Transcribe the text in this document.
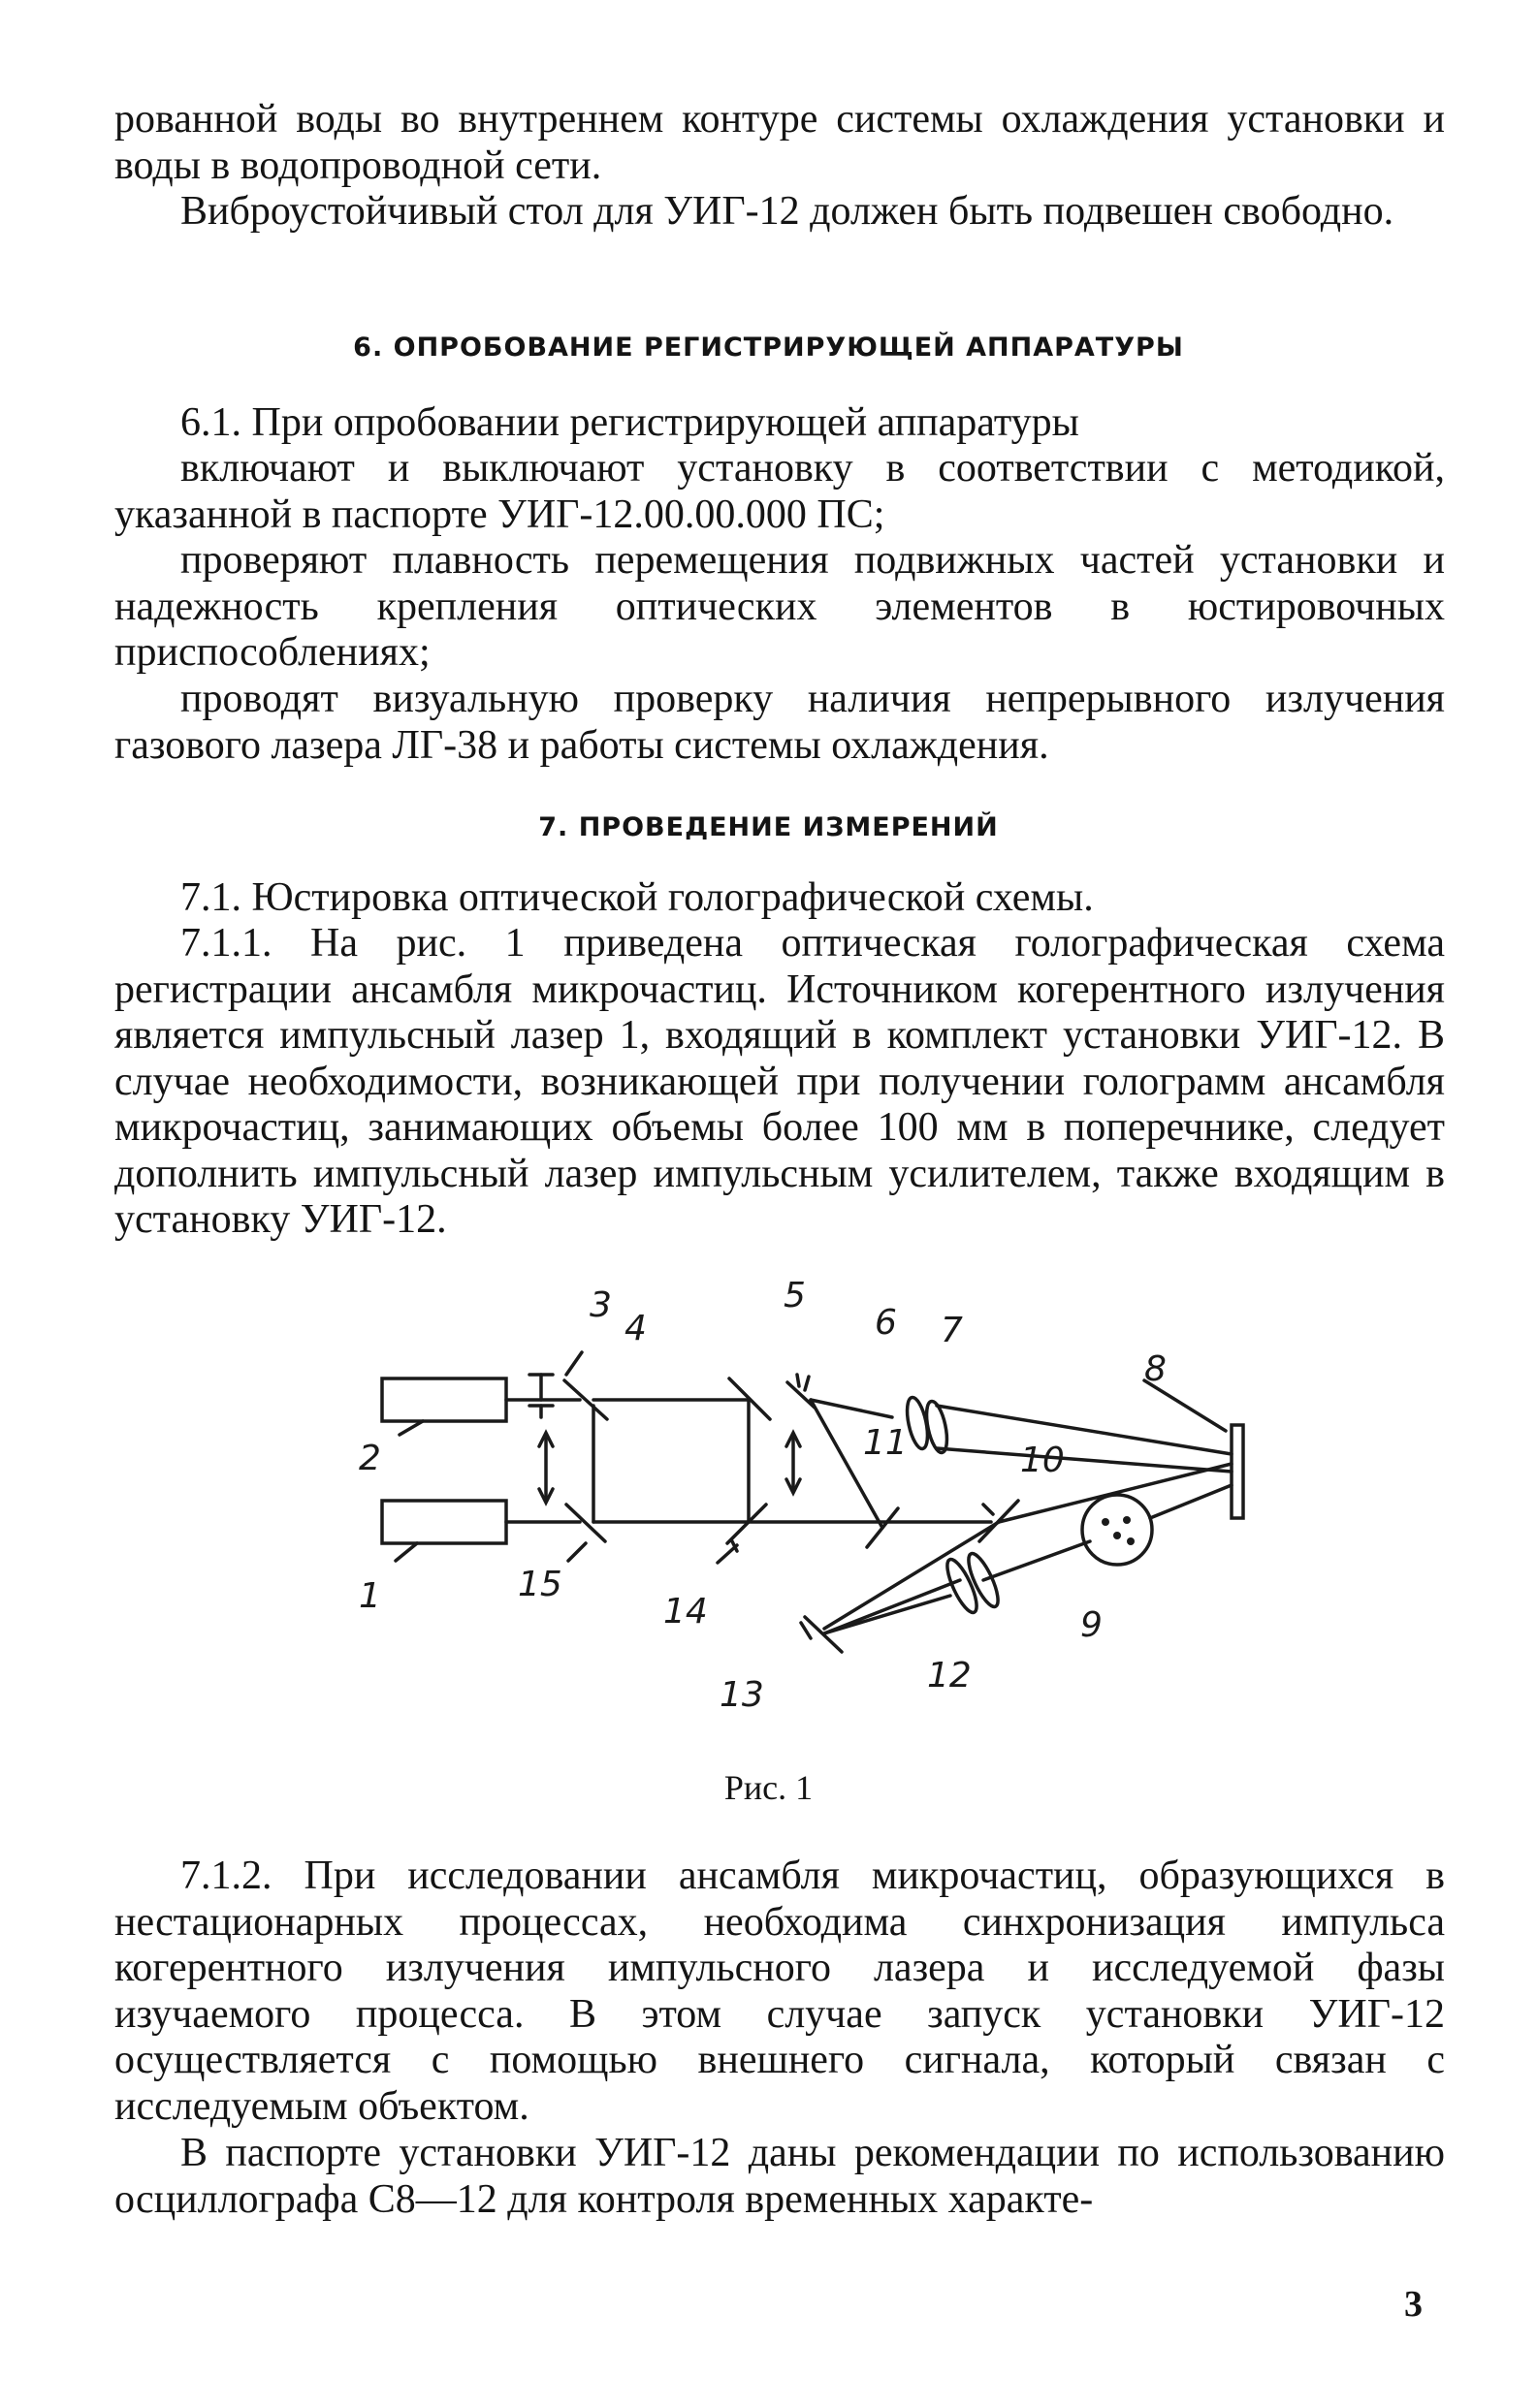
рованной воды во внутреннем контуре системы охлаждения установки и воды в водопроводной сети.

Виброустойчивый стол для УИГ-12 должен быть подвешен свободно.

6. ОПРОБОВАНИЕ РЕГИСТРИРУЮЩЕЙ АППАРАТУРЫ

6.1. При опробовании регистрирующей аппаратуры

включают и выключают установку в соответствии с методикой, указанной в паспорте УИГ-12.00.00.000 ПС;

проверяют плавность перемещения подвижных частей установки и надежность крепления оптических элементов в юстировочных приспособлениях;

проводят визуальную проверку наличия непрерывного излучения газового лазера ЛГ-38 и работы системы охлаждения.

7. ПРОВЕДЕНИЕ ИЗМЕРЕНИЙ

7.1. Юстировка оптической голографической схемы.

7.1.1. На рис. 1 приведена оптическая голографическая схема регистрации ансамбля микрочастиц. Источником когерентного излучения является импульсный лазер 1, входящий в комплект установки УИГ-12. В случае необходимости, возникающей при получении голограмм ансамбля микрочастиц, занимающих объемы более 100 мм в поперечнике, следует дополнить импульсный лазер импульсным усилителем, также входящим в установку УИГ-12.

1
2
3
4
5
6 7
8
9
10
11
12
13
14
15
Рис. 1

7.1.2. При исследовании ансамбля микрочастиц, образующихся в нестационарных процессах, необходима синхронизация импульса когерентного излучения импульсного лазера и исследуемой фазы изучаемого процесса. В этом случае запуск установки УИГ-12 осуществляется с помощью внешнего сигнала, который связан с исследуемым объектом.

В паспорте установки УИГ-12 даны рекомендации по использованию осциллографа С8—12 для контроля временных характе-

3
